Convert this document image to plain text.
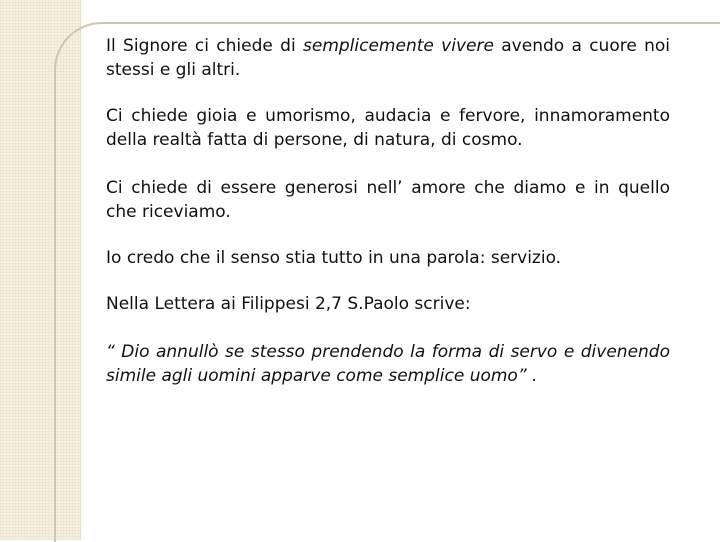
Il Signore ci chiede di semplicemente vivere avendo a cuore noi stessi e gli altri.

Ci chiede gioia e umorismo, audacia e fervore, innamoramento della realtà fatta di persone, di natura, di cosmo.

Ci chiede di essere generosi nell’ amore che diamo e in quello che riceviamo.

Io credo che il senso stia tutto in una parola: servizio.

Nella Lettera ai Filippesi 2,7 S.Paolo scrive:

“ Dio annullò se stesso prendendo la forma di servo e divenendo simile agli uomini apparve come semplice uomo” .
